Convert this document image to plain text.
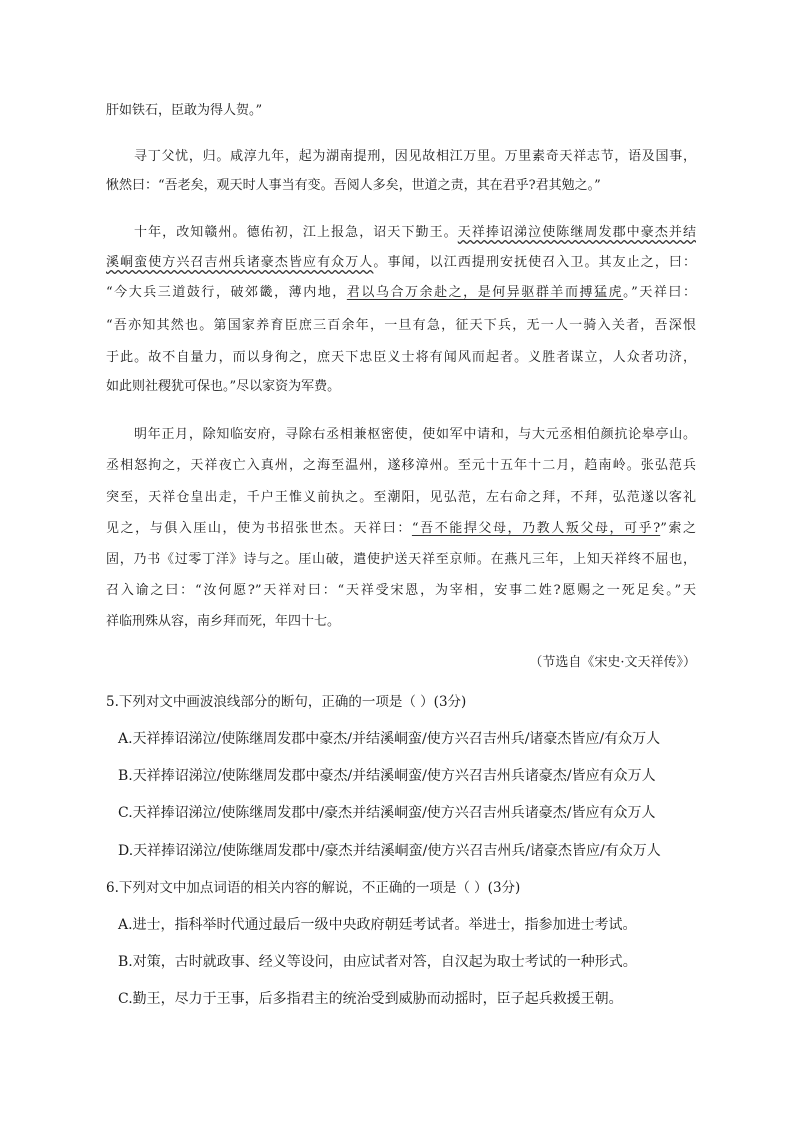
肝如铁石，臣敢为得人贺。”
寻丁父忧，归。咸淳九年，起为湖南提刑，因见故相江万里。万里素奇天祥志节，语及国事，
愀然曰：“吾老矣，观天时人事当有变。吾阅人多矣，世道之责，其在君乎?君其勉之。”
十年，改知赣州。德佑初，江上报急，诏天下勤王。天祥捧诏涕泣使陈继周发郡中豪杰并结
溪峒蛮使方兴召吉州兵诸豪杰皆应有众万人。事闻，以江西提刑安抚使召入卫。其友止之，曰：
“今大兵三道鼓行，破郊畿，薄内地，君以乌合万余赴之，是何异驱群羊而搏猛虎。”天祥曰：
“吾亦知其然也。第国家养育臣庶三百余年，一旦有急，征天下兵，无一人一骑入关者，吾深恨
于此。故不自量力，而以身徇之，庶天下忠臣义士将有闻风而起者。义胜者谋立，人众者功济，
如此则社稷犹可保也。”尽以家资为军费。
明年正月，除知临安府，寻除右丞相兼枢密使，使如军中请和，与大元丞相伯颜抗论皋亭山。
丞相怒拘之，天祥夜亡入真州，之海至温州，遂移漳州。至元十五年十二月，趋南岭。张弘范兵
突至，天祥仓皇出走，千户王惟义前执之。至潮阳，见弘范，左右命之拜，不拜，弘范遂以客礼
见之，与俱入厓山，使为书招张世杰。天祥曰：“吾不能捍父母，乃教人叛父母，可乎?”索之
固，乃书《过零丁洋》诗与之。厓山破，遣使护送天祥至京师。在燕凡三年，上知天祥终不屈也，
召入谕之曰：“汝何愿?”天祥对曰：“天祥受宋恩，为宰相，安事二姓?愿赐之一死足矣。”天
祥临刑殊从容，南乡拜而死，年四十七。
（节选自《宋史·文天祥传》）
5.下列对文中画波浪线部分的断句，正确的一项是（ ）(3分)
A.天祥捧诏涕泣/使陈继周发郡中豪杰/并结溪峒蛮/使方兴召吉州兵/诸豪杰皆应/有众万人
B.天祥捧诏涕泣/使陈继周发郡中豪杰/并结溪峒蛮/使方兴召吉州兵诸豪杰/皆应有众万人
C.天祥捧诏涕泣/使陈继周发郡中/豪杰并结溪峒蛮/使方兴召吉州兵诸豪杰/皆应有众万人
D.天祥捧诏涕泣/使陈继周发郡中/豪杰并结溪峒蛮/使方兴召吉州兵/诸豪杰皆应/有众万人
6.下列对文中加点词语的相关内容的解说，不正确的一项是（ ）(3分)
A.进士，指科举时代通过最后一级中央政府朝廷考试者。举进士，指参加进士考试。
B.对策，古时就政事、经义等设问，由应试者对答，自汉起为取士考试的一种形式。
C.勤王，尽力于王事，后多指君主的统治受到威胁而动摇时，臣子起兵救援王朝。
